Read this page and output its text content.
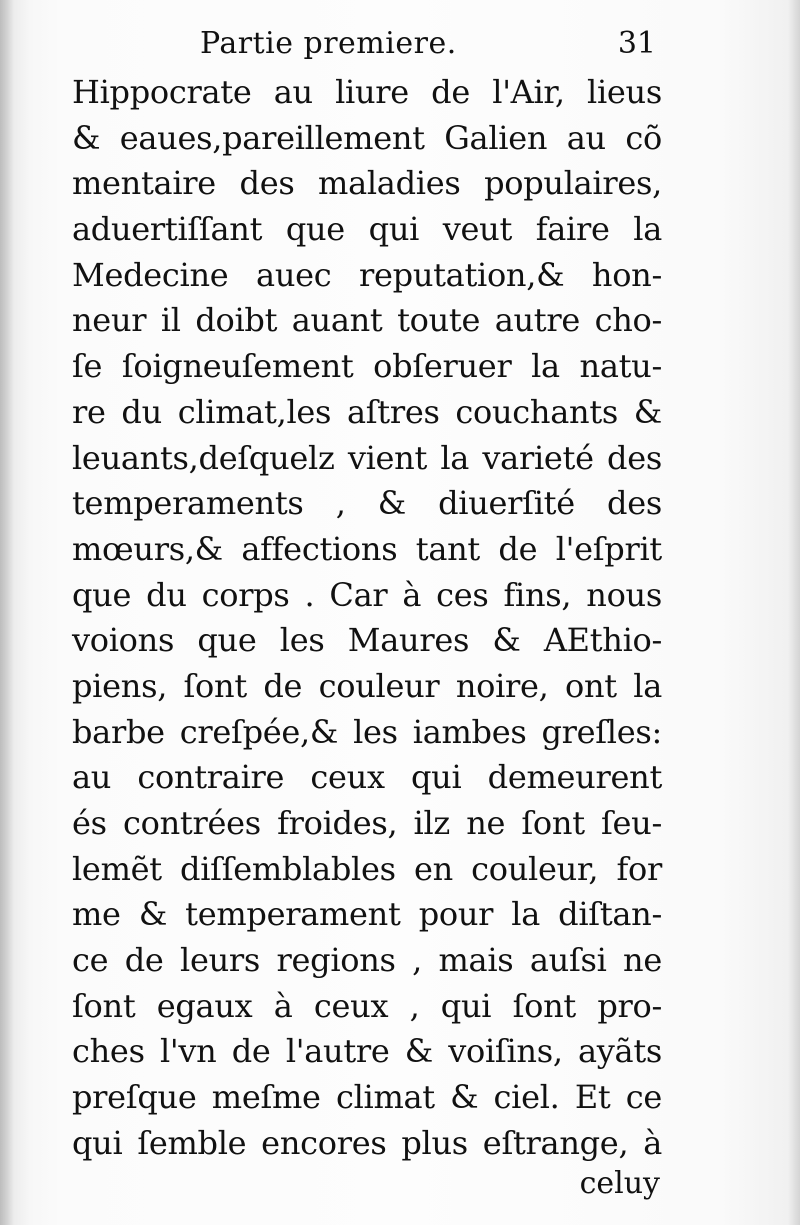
Partie premiere.	31
Hippocrate au liure de l'Air, lieus
& eaues,pareillement Galien au cõ
mentaire des maladies populaires,
aduertiſſant que qui veut faire la
Medecine auec reputation,& hon-
neur il doibt auant toute autre cho-
ſe ſoigneuſement obſeruer la natu-
re du climat,les aſtres couchants &
leuants,deſquelz vient la varieté des
temperaments , & diuerſité des
mœurs,& affections tant de l'eſprit
que du corps . Car à ces fins, nous
voions que les Maures & AEthio-
piens, ſont de couleur noire, ont la
barbe creſpée,& les iambes greſles:
au contraire ceux qui demeurent
és contrées froides, ilz ne ſont ſeu-
lemẽt diſſemblables en couleur, for
me & temperament pour la diſtan-
ce de leurs regions , mais auſsi ne
ſont egaux à ceux , qui ſont pro-
ches l'vn de l'autre & voiſins, ayãts
preſque meſme climat & ciel. Et ce
qui ſemble encores plus eſtrange, à
celuy
